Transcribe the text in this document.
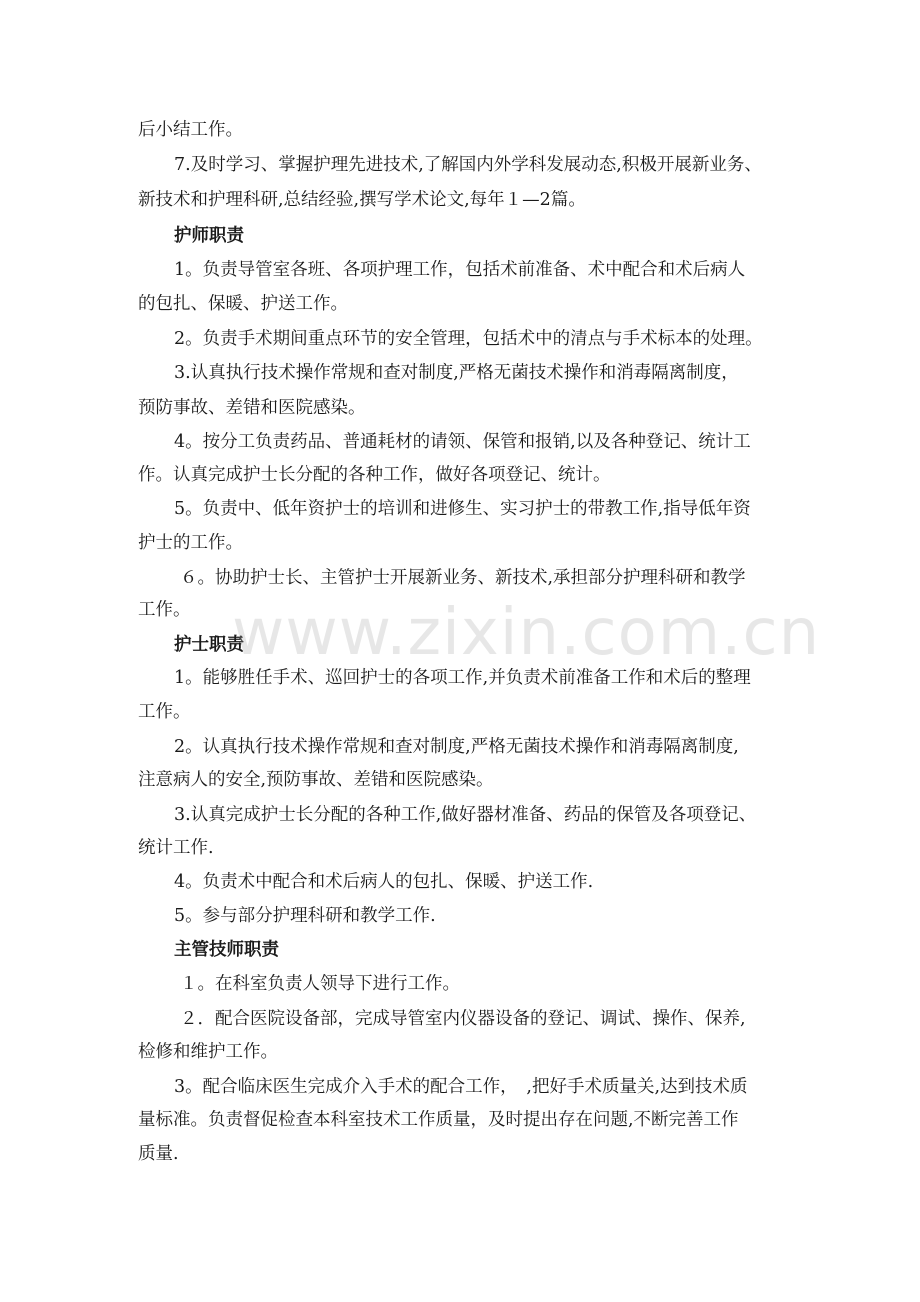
后小结工作。
7.及时学习、掌握护理先进技术,了解国内外学科发展动态,积极开展新业务、
新技术和护理科研,总结经验,撰写学术论文,每年１—2篇。
护师职责
1。负责导管室各班、各项护理工作，包括术前准备、术中配合和术后病人
的包扎、保暖、护送工作。
2。负责手术期间重点环节的安全管理，包括术中的清点与手术标本的处理。
3.认真执行技术操作常规和查对制度,严格无菌技术操作和消毒隔离制度，
预防事故、差错和医院感染。
4。按分工负责药品、普通耗材的请领、保管和报销,以及各种登记、统计工
作。认真完成护士长分配的各种工作，做好各项登记、统计。
5。负责中、低年资护士的培训和进修生、实习护士的带教工作,指导低年资
护士的工作。
６。协助护士长、主管护士开展新业务、新技术,承担部分护理科研和教学
工作。
护士职责
1。能够胜任手术、巡回护士的各项工作,并负责术前准备工作和术后的整理
工作。
2。认真执行技术操作常规和查对制度,严格无菌技术操作和消毒隔离制度,
注意病人的安全,预防事故、差错和医院感染。
3.认真完成护士长分配的各种工作,做好器材准备、药品的保管及各项登记、
统计工作.
4。负责术中配合和术后病人的包扎、保暖、护送工作.
5。参与部分护理科研和教学工作.
主管技师职责
１。在科室负责人领导下进行工作。
２．配合医院设备部，完成导管室内仪器设备的登记、调试、操作、保养,
检修和维护工作。
3。配合临床医生完成介入手术的配合工作，　,把好手术质量关,达到技术质
量标准。负责督促检查本科室技术工作质量，及时提出存在问题,不断完善工作
质量.
www.zixin.com.cn
